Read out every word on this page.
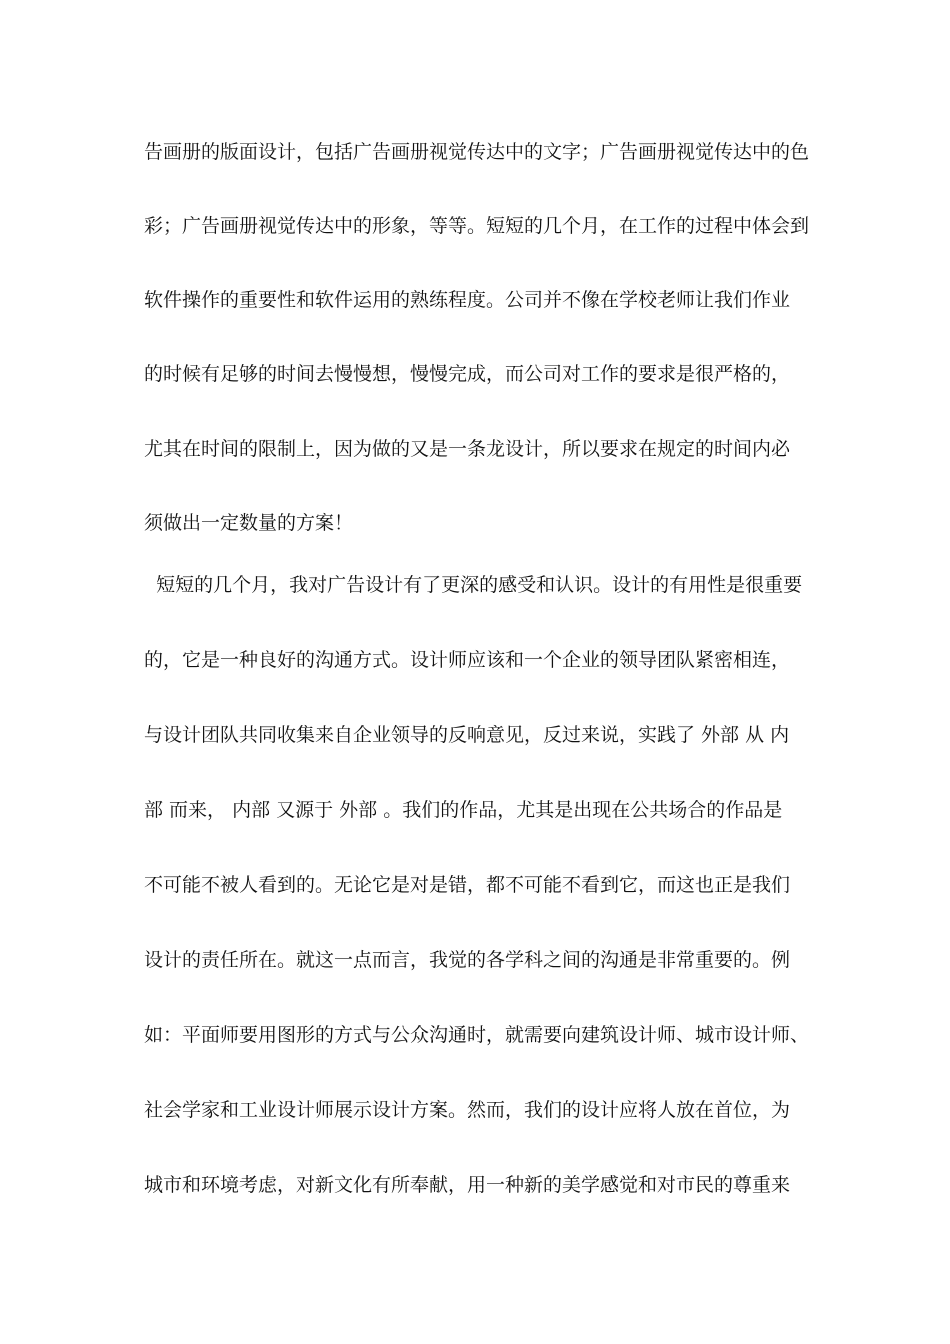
告画册的版面设计，包括广告画册视觉传达中的文字；广告画册视觉传达中的色
彩；广告画册视觉传达中的形象，等等。短短的几个月，在工作的过程中体会到
软件操作的重要性和软件运用的熟练程度。公司并不像在学校老师让我们作业
的时候有足够的时间去慢慢想，慢慢完成，而公司对工作的要求是很严格的，
尤其在时间的限制上，因为做的又是一条龙设计，所以要求在规定的时间内必
须做出一定数量的方案！
短短的几个月，我对广告设计有了更深的感受和认识。设计的有用性是很重要
的，它是一种良好的沟通方式。设计师应该和一个企业的领导团队紧密相连，
与设计团队共同收集来自企业领导的反响意见，反过来说，实践了 外部 从 内
部 而来， 内部 又源于 外部 。我们的作品，尤其是出现在公共场合的作品是
不可能不被人看到的。无论它是对是错，都不可能不看到它，而这也正是我们
设计的责任所在。就这一点而言，我觉的各学科之间的沟通是非常重要的。例
如：平面师要用图形的方式与公众沟通时，就需要向建筑设计师、城市设计师、
社会学家和工业设计师展示设计方案。然而，我们的设计应将人放在首位，为
城市和环境考虑，对新文化有所奉献，用一种新的美学感觉和对市民的尊重来
